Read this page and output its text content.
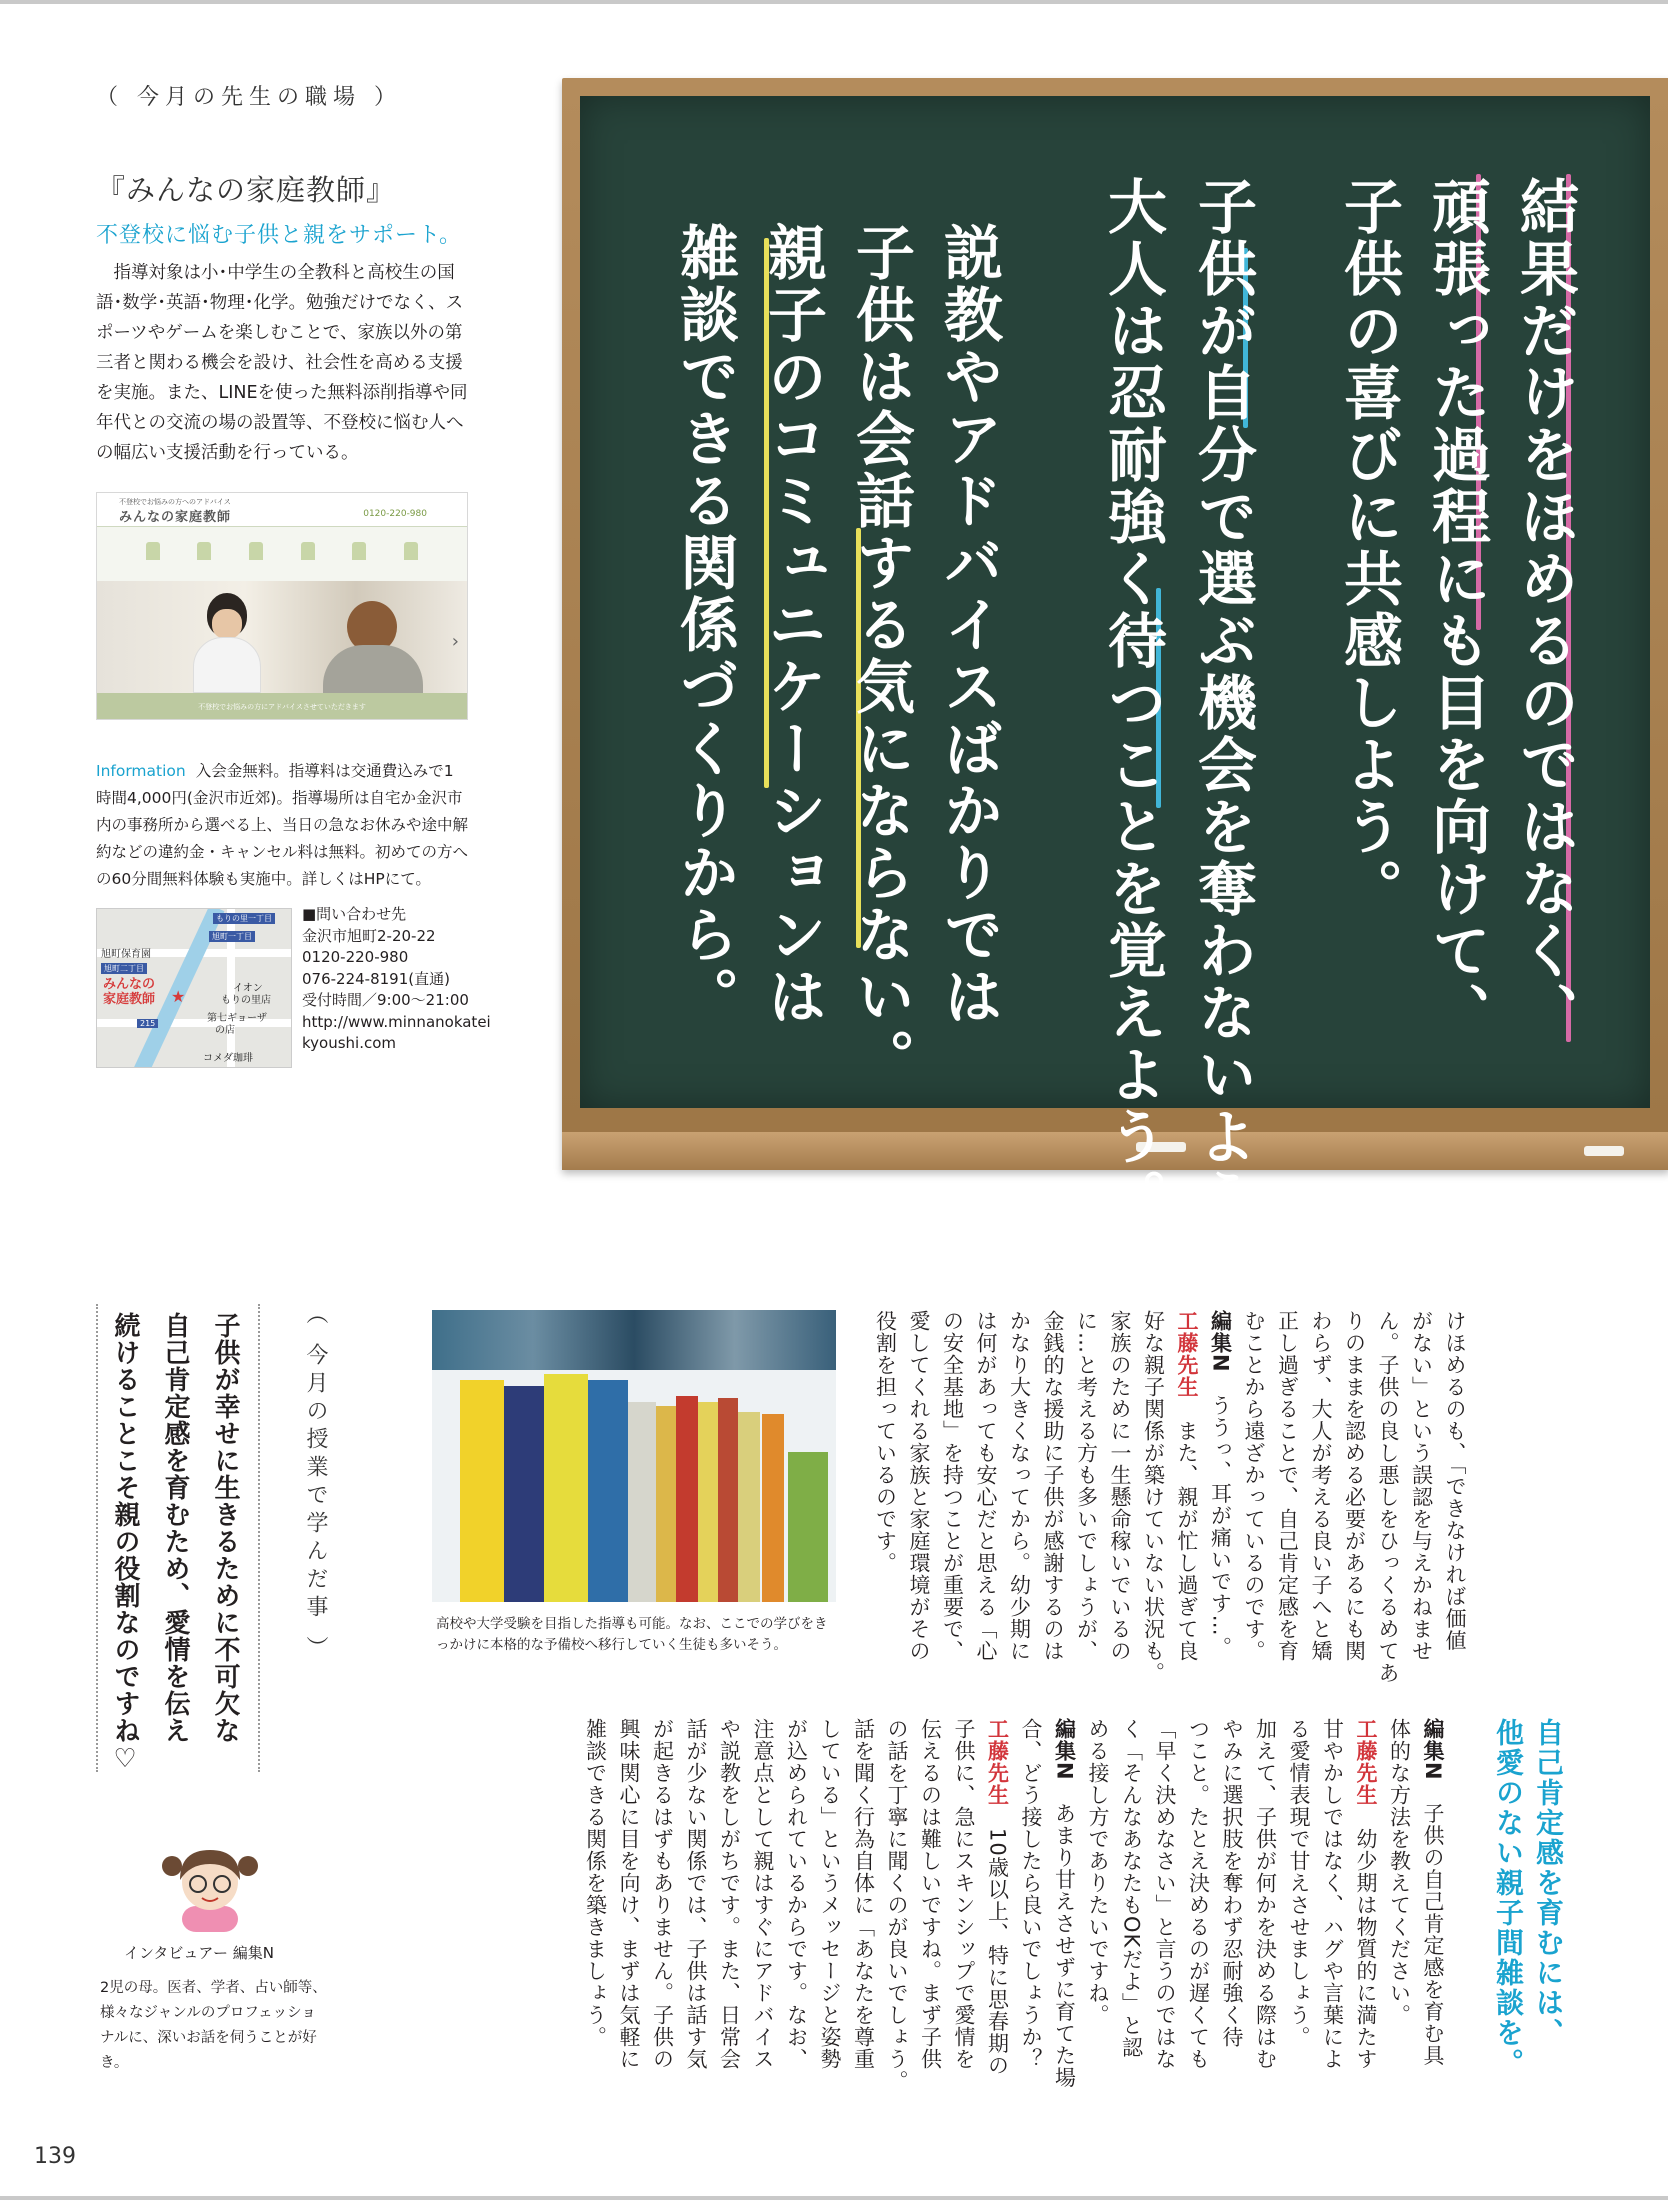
（ 今月の先生の職場 ）
『みんなの家庭教師』
不登校に悩む子供と親をサポート。

指導対象は小･中学生の全教科と高校生の国語･数学･英語･物理･化学。勉強だけでなく、スポーツやゲームを楽しむことで、家族以外の第三者と関わる機会を設け、社会性を高める支援を実施。また、LINEを使った無料添削指導や同年代との交流の場の設置等、不登校に悩む人への幅広い支援活動を行っている。

不登校でお悩みの方へのアドバイス
みんなの家庭教師	0120-220-980
›
不登校でお悩みの方にアドバイスさせていただきます

Information 入会金無料。指導料は交通費込みで1時間4,000円(金沢市近郊)。指導場所は自宅か金沢市内の事務所から選べる上、当日の急なお休みや途中解約などの違約金・キャンセル料は無料。初めての方への60分間無料体験も実施中。詳しくはHPにて。

もりの里一丁目
旭町一丁目
旭町二丁目
215
旭町保育園
みんなの
家庭教師 ★	イオン
もりの里店
第七ギョーザ
の店
コメダ珈琲
■問い合わせ先
金沢市旭町2-20-22
0120-220-980
076-224-8191(直通)
受付時間／9:00～21:00
http://www.minnanokatei
kyoushi.com	結果だけをほめるのではなく、
頑張った過程にも目を向けて、
子供の喜びに共感しよう。
子供が自分で選ぶ機会を奪わないよう、
大人は忍耐強く待つことを覚えよう。
説教やアドバイスばかりでは
子供は会話する気にならない。
親子のコミュニケーションは
雑談できる関係づくりから。
けほめるのも、「できなければ価値
がない」という誤認を与えかねませ
ん。子供の良し悪しをひっくるめてあ
りのままを認める必要があるにも関
わらず、大人が考える良い子へと矯
正し過ぎることで、自己肯定感を育
むことから遠ざかっているのです。
編集N　ううっ、耳が痛いです…。
工藤先生　また、親が忙し過ぎて良
好な親子関係が築けていない状況も。
家族のために一生懸命稼いでいるの
に…と考える方も多いでしょうが、
金銭的な援助に子供が感謝するのは
かなり大きくなってから。幼少期に
は何があっても安心だと思える「心
の安全基地」を持つことが重要で、
愛してくれる家族と家庭環境がその
役割を担っているのです。
高校や大学受験を目指した指導も可能。なお、ここでの学びをきっかけに本格的な予備校へ移行していく生徒も多いそう。
自己肯定感を育むには、
他愛のない親子間雑談を。
編集N　子供の自己肯定感を育む具
体的な方法を教えてください。
工藤先生　幼少期は物質的に満たす
甘やかしではなく、ハグや言葉によ
る愛情表現で甘えさせましょう。
加えて、子供が何かを決める際はむ
やみに選択肢を奪わず忍耐強く待
つこと。たとえ決めるのが遅くても
「早く決めなさい」と言うのではな
く「そんなあなたもOKだよ」と認
める接し方でありたいですね。
編集N　あまり甘えさせずに育てた場
合、どう接したら良いでしょうか？
工藤先生　10歳以上、特に思春期の
子供に、急にスキンシップで愛情を
伝えるのは難しいですね。まず子供
の話を丁寧に聞くのが良いでしょう。
話を聞く行為自体に「あなたを尊重
している」というメッセージと姿勢
が込められているからです。なお、
注意点として親はすぐにアドバイス
や説教をしがちです。また、日常会
話が少ない関係では、子供は話す気
が起きるはずもありません。子供の
興味関心に目を向け、まずは気軽に
雑談できる関係を築きましょう。
（ 今月の授業で学んだ事 ）
子供が幸せに生きるために不可欠な
自己肯定感を育むため、愛情を伝え
続けることこそ親の役割なのですね♡
インタビュアー 編集N

2児の母。医者、学者、占い師等、様々なジャンルのプロフェッショナルに、深いお話を伺うことが好き。

139
